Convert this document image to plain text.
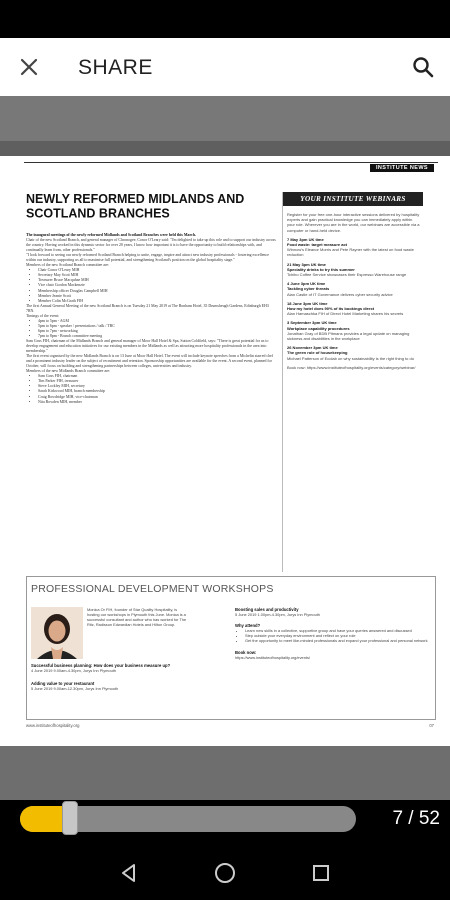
SHARE
INSTITUTE NEWS
NEWLY REFORMED MIDLANDS AND SCOTLAND BRANCHES

The inaugural meetings of the newly reformed Midlands and Scotland Branches were held this March.

Chair of the new Scotland Branch, and general manager of Chronogee, Conor O'Leary said: "I'm delighted to take up this role and to support our industry across the country. Having worked in this dynamic sector for over 20 years, I know how important it is to have the opportunity to build relationships with, and continually learn from, other professionals."

"I look forward to seeing our newly reformed Scotland Branch helping to unite, engage, inspire and attract new industry professionals - fostering excellence within our industry, supporting us all to maximise full potential, and strengthening Scotland's position on the global hospitality stage."

Members of the new Scotland Branch committee are:

• Chair Conor O'Leary MIH
• Secretary May Scott MIH
• Treasurer Bruce Macquhae MIH
• Vice chair Gordon Mackenzie
• Membership officer Douglas Campbell MIH
• Member Jeanie Scott
• Member Colin McGrath FIH

The first Annual General Meeting of the new Scotland Branch is on Tuesday 21 May 2019 at The Bonham Hotel, 35 Drumsheugh Gardens, Edinburgh EH3 7RN.

Timings of the event:

• 4pm to 5pm - AGM
• 5pm to 6pm - speaker / presentations / talk / TBC
• 6pm to 7pm - networking
• 7pm to 8pm - Branch committee meeting

Sam Goss FIH, chairman of the Midlands Branch and general manager of Moor Hall Hotel & Spa, Sutton Coldfield, says: "There is great potential for us to develop engagement and education initiatives for our existing members in the Midlands as well as attracting more hospitality professionals in the area into membership."

The first event organised by the new Midlands Branch is on 13 June at Moor Hall Hotel. The event will include keynote speeches from a Michelin starred chef and a prominent industry leader on the subject of recruitment and retention. Sponsorship opportunities are available for the event. A second event, planned for October, will focus on building and strengthening partnerships between colleges, universities and industry.

Members of the new Midlands Branch committee are:

• Sam Goss FIH, chairman
• Tim Parker FIH, treasurer
• Steve Lockley MIH, secretary
• Sarah Kirkwood MIH, branch membership
• Craig Bowdridge MIH, vice-chairman
• Nita Bowden MIH, member
YOUR INSTITUTE WEBINARS

Register for your free one-hour interactive sessions delivered by hospitality experts and gain practical knowledge you can immediately apply within your role. Wherever you are in the world, our webinars are accessible via a computer or hand-held device.

7 May 3pm UK time
Food waste: target measure act
Winnow's Eleanor Morris and Pete Rayner with the latest on food waste reduction

21 May 3pm UK time
Speciality drinks to try this summer
Tchibo Coffee Service showcases their Espresso Warehouse range

4 June 3pm UK time
Tackling cyber threats
Alan Castle of IT Governance delivers cyber security advice

18 June 3pm UK time
How my hotel does 90% of its bookings direct
Alan Hamaschka FIH of Direct Hotel Marketing shares his secrets

3 September 3pm UK time
Workplace capability procedures
Jonathan Gray of BDB Pitmans provides a legal update on managing sickness and disabilities in the workplace

26 November 3pm UK time
The green role of housekeeping
Michael Patterson of Ecolab on why sustainability is the right thing to do

Book now: https://www.instituteofhospitality.org/events/category/webinar/

PROFESSIONAL DEVELOPMENT WORKSHOPS
Monica Or FIH, founder of Star Quality Hospitality, is hosting our workshops in Plymouth this June. Monica is a successful consultant and author who has worked for The Ritz, Radisson Edwardian Hotels and Hilton Group.
Successful business planning: How does your business measure up?
4 June 2019 9.00am-4.30pm, Jurys Inn Plymouth
Adding value to your restaurant
5 June 2019 9.00am-12.30pm, Jurys Inn Plymouth
Boosting sales and productivity
5 June 2019 1.00pm-4.30pm, Jurys Inn Plymouth
Why attend?
• Learn new skills in a collective, supportive group and have your queries answered and discussed
• Step outside your everyday environment and reflect on your role
• Get the opportunity to meet like-minded professionals and expand your professional and personal network
Book now:
https://www.instituteofhospitality.org/events/
www.instituteofhospitality.org	07
7 / 52
